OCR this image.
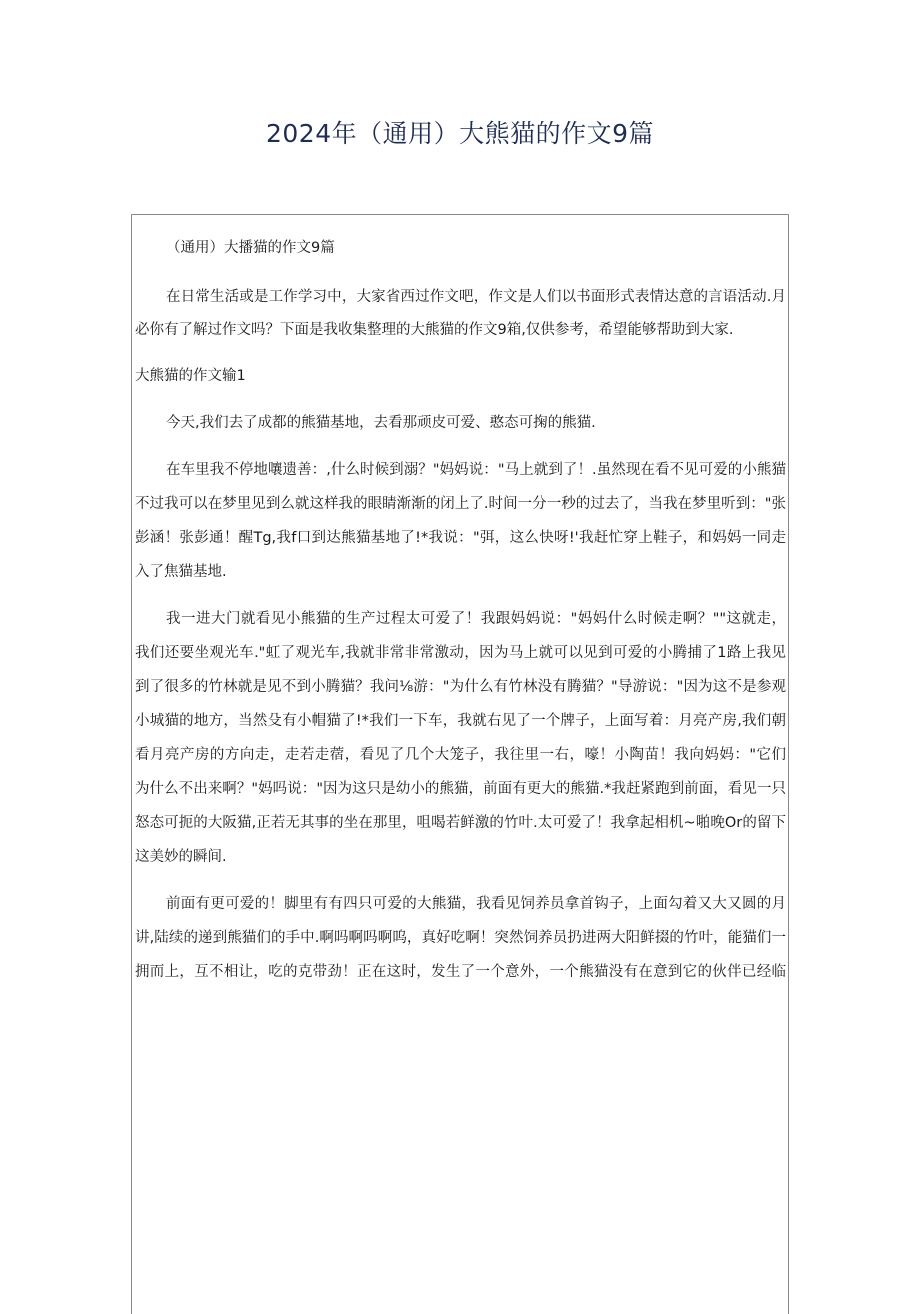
2024年（通用）大熊猫的作文9篇
（通用）大播猫的作文9篇
在日常生活或是工作学习中，大家省西过作文吧，作文是人们以书面形式表情达意的言语活动.月
必你有了解过作文吗？下面是我收集整理的大熊猫的作文9箱,仅供参考，希望能够帮助到大家.
大熊猫的作文输1
今天,我们去了成都的熊猫基地，去看那顽皮可爱、憨态可掬的熊猫.
在车里我不停地嚷遗善：,什么时候到溺？"妈妈说："马上就到了！.虽然现在看不见可爱的小熊猫
不过我可以在梦里见到么就这样我的眼睛渐渐的闭上了.时间一分一秒的过去了，当我在梦里听到："张
彭涵！张彭通！醒Tg,我f口到达熊猫基地了!*我说："弭，这么快呀!'我赶忙穿上鞋子，和妈妈一同走
入了焦猫基地.
我一进大门就看见小熊猫的生产过程太可爱了！我跟妈妈说："妈妈什么时候走啊？""这就走，
我们还要坐观光车."虹了观光车,我就非常非常激动，因为马上就可以见到可爱的小腾捕了1路上我见
到了很多的竹林就是见不到小腾猫？我问⅛游："为什么有竹林没有腾猫？"导游说："因为这不是参观
小城猫的地方，当然殳有小帽猫了!*我们一下车，我就右见了一个牌子，上面写着：月亮产房,我们朝
看月亮产房的方向走，走若走蓿，看见了几个大笼子，我往里一右，嚎！小陶苗！我向妈妈："它们
为什么不出来啊？"妈吗说："因为这只是幼小的熊猫，前面有更大的熊猫.*我赶紧跑到前面，看见一只
怒态可扼的大阪猫,正若无其事的坐在那里，咀喝若鲜激的竹叶.太可爱了！我拿起相机~啪晚Or的留下
这美妙的瞬间.
前面有更可爱的！脚里有有四只可爱的大熊猫，我看见饲养员拿首钩子，上面勾着又大又圆的月
讲,陆续的递到熊猫们的手中.啊吗啊吗啊呜，真好吃啊！突然饲养员扔进两大阳鲜掇的竹叶，能猫们一
拥而上，互不相让，吃的克带劲！正在这时，发生了一个意外，一个熊猫没有在意到它的伙伴已经临
